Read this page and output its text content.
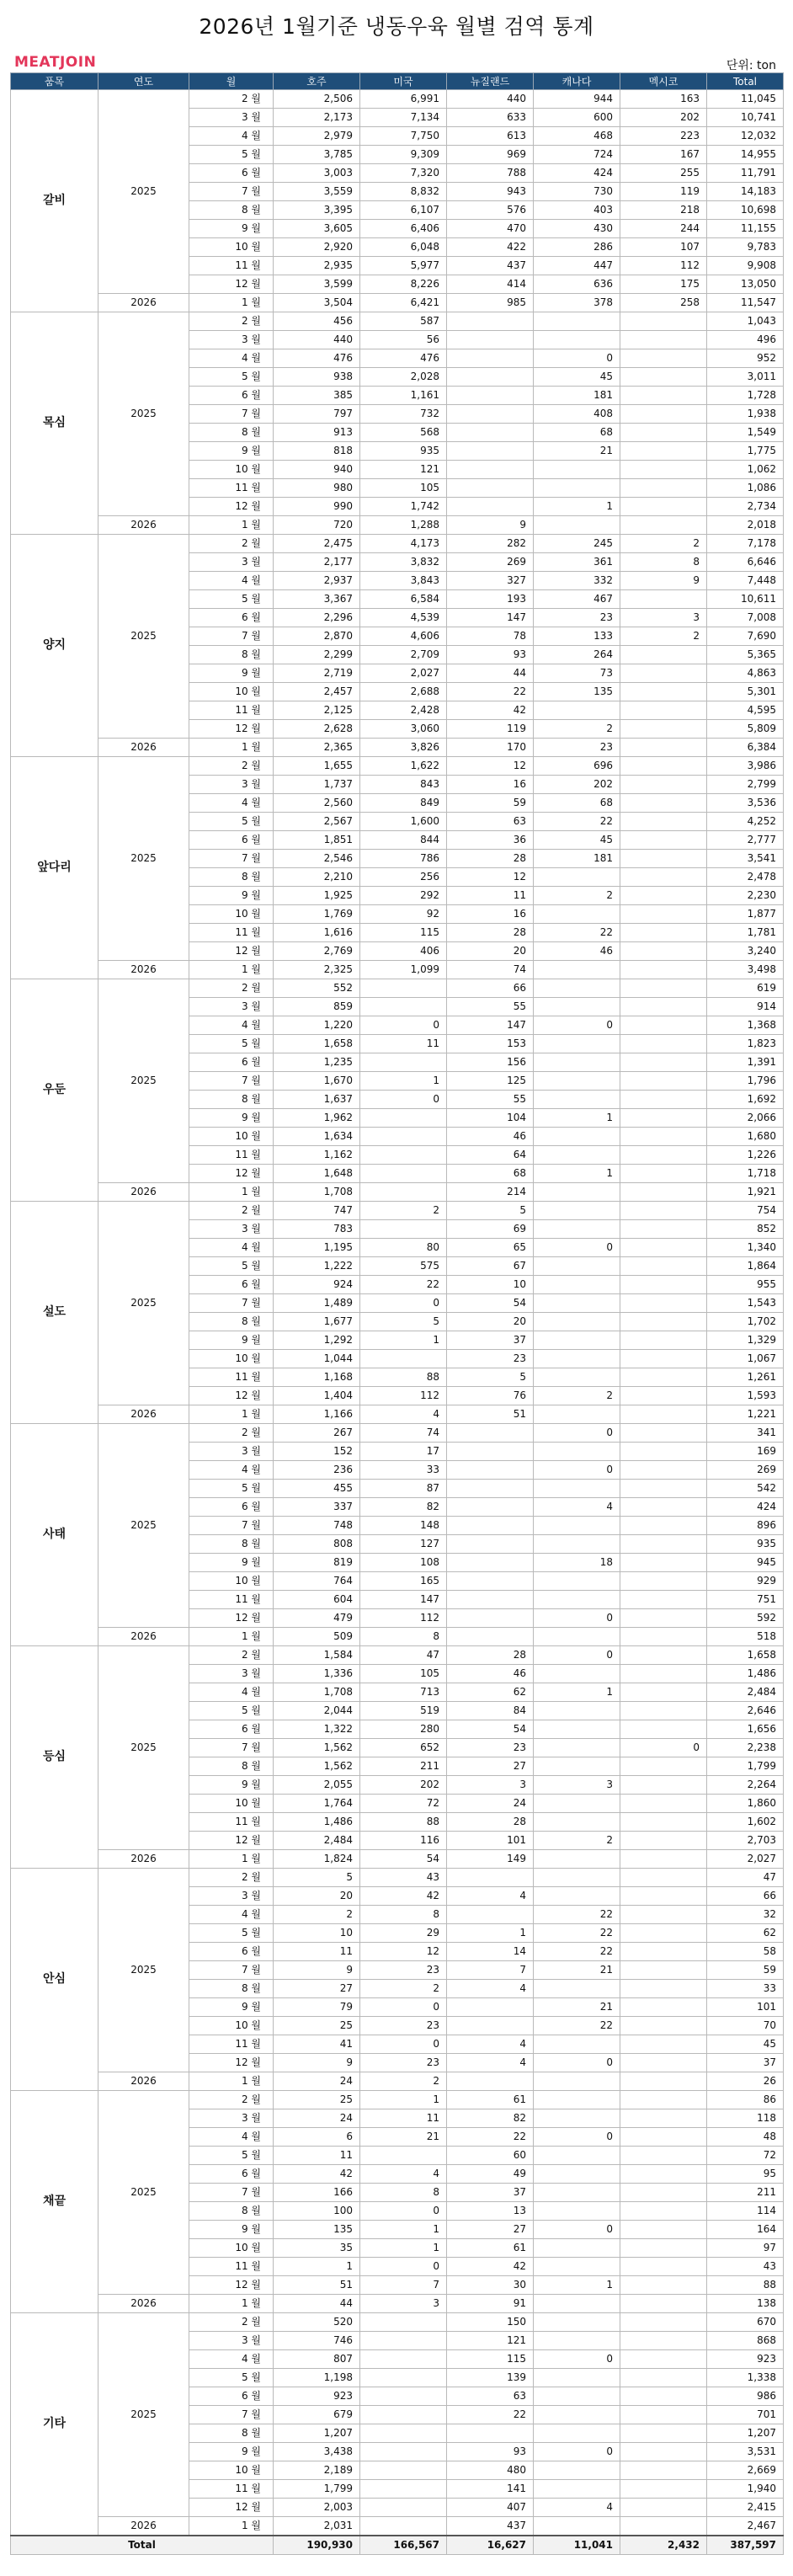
2026년 1월기준 냉동우육 월별 검역 통계
MEATJOIN	단위: ton
품목	연도	월	호주	미국	뉴질랜드	캐나다	멕시코	Total
갈비	2025	2 월	2,506	6,991	440	944	163	11,045
		3 월	2,173	7,134	633	600	202	10,741
		4 월	2,979	7,750	613	468	223	12,032
		5 월	3,785	9,309	969	724	167	14,955
		6 월	3,003	7,320	788	424	255	11,791
		7 월	3,559	8,832	943	730	119	14,183
		8 월	3,395	6,107	576	403	218	10,698
		9 월	3,605	6,406	470	430	244	11,155
		10 월	2,920	6,048	422	286	107	9,783
		11 월	2,935	5,977	437	447	112	9,908
		12 월	3,599	8,226	414	636	175	13,050
	2026	1 월	3,504	6,421	985	378	258	11,547
목심	2025	2 월	456	587				1,043
		3 월	440	56				496
		4 월	476	476		0		952
		5 월	938	2,028		45		3,011
		6 월	385	1,161		181		1,728
		7 월	797	732		408		1,938
		8 월	913	568		68		1,549
		9 월	818	935		21		1,775
		10 월	940	121				1,062
		11 월	980	105				1,086
		12 월	990	1,742		1		2,734
	2026	1 월	720	1,288	9			2,018
양지	2025	2 월	2,475	4,173	282	245	2	7,178
		3 월	2,177	3,832	269	361	8	6,646
		4 월	2,937	3,843	327	332	9	7,448
		5 월	3,367	6,584	193	467		10,611
		6 월	2,296	4,539	147	23	3	7,008
		7 월	2,870	4,606	78	133	2	7,690
		8 월	2,299	2,709	93	264		5,365
		9 월	2,719	2,027	44	73		4,863
		10 월	2,457	2,688	22	135		5,301
		11 월	2,125	2,428	42			4,595
		12 월	2,628	3,060	119	2		5,809
	2026	1 월	2,365	3,826	170	23		6,384
앞다리	2025	2 월	1,655	1,622	12	696		3,986
		3 월	1,737	843	16	202		2,799
		4 월	2,560	849	59	68		3,536
		5 월	2,567	1,600	63	22		4,252
		6 월	1,851	844	36	45		2,777
		7 월	2,546	786	28	181		3,541
		8 월	2,210	256	12			2,478
		9 월	1,925	292	11	2		2,230
		10 월	1,769	92	16			1,877
		11 월	1,616	115	28	22		1,781
		12 월	2,769	406	20	46		3,240
	2026	1 월	2,325	1,099	74			3,498
우둔	2025	2 월	552		66			619
		3 월	859		55			914
		4 월	1,220	0	147	0		1,368
		5 월	1,658	11	153			1,823
		6 월	1,235		156			1,391
		7 월	1,670	1	125			1,796
		8 월	1,637	0	55			1,692
		9 월	1,962		104	1		2,066
		10 월	1,634		46			1,680
		11 월	1,162		64			1,226
		12 월	1,648		68	1		1,718
	2026	1 월	1,708		214			1,921
설도	2025	2 월	747	2	5			754
		3 월	783		69			852
		4 월	1,195	80	65	0		1,340
		5 월	1,222	575	67			1,864
		6 월	924	22	10			955
		7 월	1,489	0	54			1,543
		8 월	1,677	5	20			1,702
		9 월	1,292	1	37			1,329
		10 월	1,044		23			1,067
		11 월	1,168	88	5			1,261
		12 월	1,404	112	76	2		1,593
	2026	1 월	1,166	4	51			1,221
사태	2025	2 월	267	74		0		341
		3 월	152	17				169
		4 월	236	33		0		269
		5 월	455	87				542
		6 월	337	82		4		424
		7 월	748	148				896
		8 월	808	127				935
		9 월	819	108		18		945
		10 월	764	165				929
		11 월	604	147				751
		12 월	479	112		0		592
	2026	1 월	509	8				518
등심	2025	2 월	1,584	47	28	0		1,658
		3 월	1,336	105	46			1,486
		4 월	1,708	713	62	1		2,484
		5 월	2,044	519	84			2,646
		6 월	1,322	280	54			1,656
		7 월	1,562	652	23		0	2,238
		8 월	1,562	211	27			1,799
		9 월	2,055	202	3	3		2,264
		10 월	1,764	72	24			1,860
		11 월	1,486	88	28			1,602
		12 월	2,484	116	101	2		2,703
	2026	1 월	1,824	54	149			2,027
안심	2025	2 월	5	43				47
		3 월	20	42	4			66
		4 월	2	8		22		32
		5 월	10	29	1	22		62
		6 월	11	12	14	22		58
		7 월	9	23	7	21		59
		8 월	27	2	4			33
		9 월	79	0		21		101
		10 월	25	23		22		70
		11 월	41	0	4			45
		12 월	9	23	4	0		37
	2026	1 월	24	2				26
채끝	2025	2 월	25	1	61			86
		3 월	24	11	82			118
		4 월	6	21	22	0		48
		5 월	11		60			72
		6 월	42	4	49			95
		7 월	166	8	37			211
		8 월	100	0	13			114
		9 월	135	1	27	0		164
		10 월	35	1	61			97
		11 월	1	0	42			43
		12 월	51	7	30	1		88
	2026	1 월	44	3	91			138
기타	2025	2 월	520		150			670
		3 월	746		121			868
		4 월	807		115	0		923
		5 월	1,198		139			1,338
		6 월	923		63			986
		7 월	679		22			701
		8 월	1,207					1,207
		9 월	3,438		93	0		3,531
		10 월	2,189		480			2,669
		11 월	1,799		141			1,940
		12 월	2,003		407	4		2,415
	2026	1 월	2,031		437			2,467
Total			190,930	166,567	16,627	11,041	2,432	387,597
